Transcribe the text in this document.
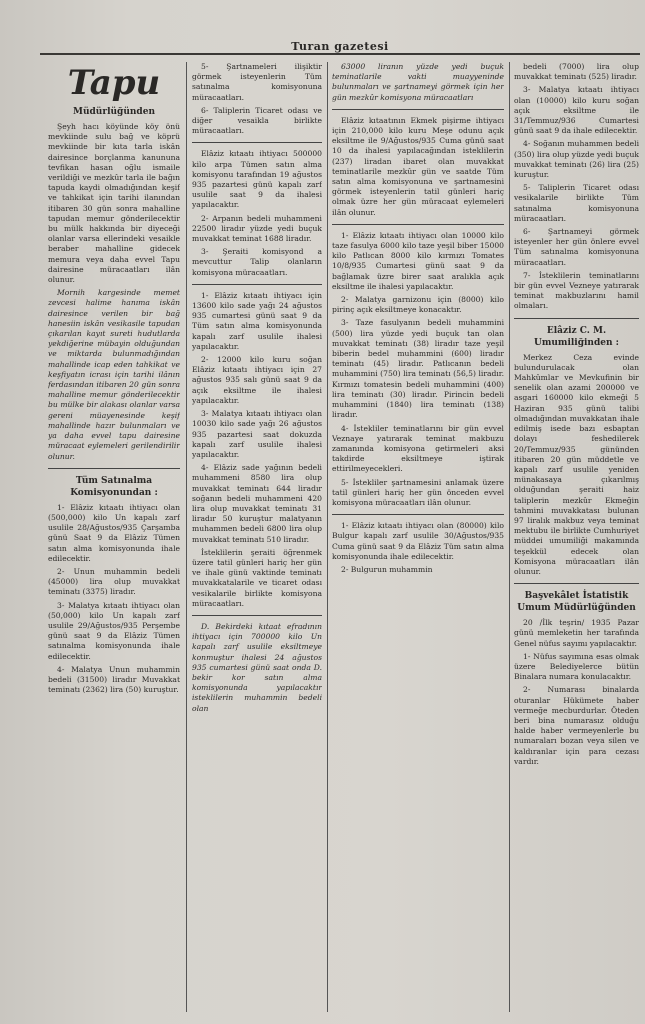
Turan gazetesi
Tapu
Müdürlüğünden

Şeyh hacı köyünde köy önü mevkiinde sulu bağ ve köprü mevkiinde bir kıta tarla iskân dairesince borçlanma kanununa tevfikan hasan oğlu ismaile verildiği ve mezkûr tarla ile bağın tapuda kaydi olmadığından keşif ve tahkikat için tarihi ilanından itibaren 30 gün sonra mahalline tapudan memur gönderilecektir bu mülk hakkında bir diyeceği olanlar varsa ellerindeki vesaikle beraber mahalline gidecek memura veya daha evvel Tapu dairesine müracaatları ilân olunur.

Mornih kargesinde memet zevcesi halime hanıma iskân dairesince verilen bir bağ hanesiin iskân vesikasile tapudan çıkarılan kayıt sureti hudutlarda yekdiğerine mübayin olduğundan ve miktarda bulunmadığından mahallinde icap eden tahkikat ve keşfiyatın icrası için tarihi ilânın ferdasından itibaren 20 gün sonra mahalline memur gönderilecektir bu mülke bir alakası olanlar varsa gereni müayenesinde keşif mahallinde hazır bulunmaları ve ya daha evvel tapu dairesine müracaat eylemeleri gerilendirilir olunur.

Tüm Satınalma
Komisyonundan :

1- Elâziz kıtaatı ihtiyacı olan (500,000) kilo Un kapalı zarf usulile 28/Ağustos/935 Çarşamba günü Saat 9 da Elâziz Tümen satın alma komisyonunda ihale edilecektir.

2- Unun muhammin bedeli (45000) lira olup muvakkat teminatı (3375) liradır.

3- Malatya kıtaatı ihtiyacı olan (50,000) kilo Un kapalı zarf usulile 29/Ağustos/935 Perşembe günü saat 9 da Elâziz Tümen satınalma komisyonunda ihale edilecektir.

4- Malatya Unun muhammin bedeli (31500) liradır Muvakkat teminatı (2362) lira (50) kuruştur.

5- Şartnameleri ilişiktir görmek isteyenlerin Tüm satınalma komisyonuna müracaatları.

6- Taliplerin Ticaret odası ve diğer vesaikla birlikte müracaatları.

Elâziz kıtaatı ihtiyacı 500000 kilo arpa Tümen satın alma komisyonu tarafından 19 ağustos 935 pazartesi günü kapalı zarf usulile saat 9 da ihalesi yapılacaktır.

2- Arpanın bedeli muhammeni 22500 liradır yüzde yedi buçuk muvakkat teminat 1688 liradır.

3- Şeraiti komisyond a mevcuttur Talip olanların komisyona müracaatları.

1- Elâziz kıtaatı ihtiyacı için 13600 kilo sade yağı 24 ağustos 935 cumartesi günü saat 9 da Tüm satın alma komisyonunda kapalı zarf usulile ihalesi yapılacaktır.

2- 12000 kilo kuru soğan Elâziz kıtaatı ihtiyacı için 27 ağustos 935 salı günü saat 9 da açık eksiltme ile ihalesi yapılacaktır.

3- Malatya kıtaatı ihtiyacı olan 10030 kilo sade yağı 26 ağustos 935 pazartesi saat dokuzda kapalı zarf usulile ihalesi yapılacaktır.

4- Elâziz sade yağının bedeli muhammeni 8580 lira olup muvakkat teminatı 644 liradır soğanın bedeli muhammeni 420 lira olup muvakkat teminatı 31 liradır 50 kuruştur malatyanın muhammen bedeli 6800 lira olup muvakkat teminatı 510 liradır.

İsteklilerin şeraiti öğrenmek üzere tatil günleri hariç her gün ve ihale günü vaktinde teminatı muvakkatalarile ve ticaret odası vesikalarile birlikte komisyona müracaatları.

D. Bekirdeki kıtaat efradının ihtiyacı için 700000 kilo Un kapalı zarf usulile eksiltmeye konmuştur ihalesi 24 ağustos 935 cumartesi günü saat onda D. bekir kor satın alma komisyonunda yapılacaktır isteklilerin muhammin bedeli olan

63000 liranın yüzde yedi buçuk teminatlarile vakti muayyeninde bulunmaları ve şartnameyi görmek için her gün mezkûr komisyona müracaatları

Elâziz kıtaatının Ekmek pişirme ihtiyacı için 210,000 kilo kuru Meşe odunu açık eksiltme ile 9/Ağustos/935 Cuma günü saat 10 da ihalesi yapılacağından isteklilerin (237) liradan ibaret olan muvakkat teminatlarile mezkûr gün ve saatde Tüm satın alma komisyonuna ve şartnamesini görmek isteyenlerin tatil günleri hariç olmak üzre her gün müracaat eylemeleri ilân olunur.

1- Elâziz kıtaatı ihtiyacı olan 10000 kilo taze fasulya 6000 kilo taze yeşil biber 15000 kilo Patlıcan 8000 kilo kırmızı Tomates 10/8/935 Cumartesi günü saat 9 da bağlamak üzre birer saat aralıkla açık eksiltme ile ihalesi yapılacaktır.

2- Malatya garnizonu için (8000) kilo pirinç açık eksiltmeye konacaktır.

3- Taze fasulyanın bedeli muhammini (500) lira yüzde yedi buçuk tan olan muvakkat teminatı (38) liradır taze yeşil biberin bedel muhammini (600) liradır teminatı (45) liradır. Patlıcanın bedeli muhammini (750) lira teminatı (56,5) liradır. Kırmızı tomatesin bedeli muhammini (400) lira teminatı (30) liradır. Pirincin bedeli muhammini (1840) lira teminatı (138) liradır.

4- İstekliler teminatlarını bir gün evvel Veznaye yatırarak teminat makbuzu zamanında komisyona getirmeleri aksi takdirde eksiltmeye iştirak ettirilmeyecekleri.

5- İstekliler şartnamesini anlamak üzere tatil günleri hariç her gün önceden evvel komisyona müracaatları ilân olunur.

1- Elâziz kıtaatı ihtiyacı olan (80000) kilo Bulgur kapalı zarf usulile 30/Ağustos/935 Cuma günü saat 9 da Elâziz Tüm satın alma komisyonunda ihale edilecektir.

2- Bulgurun muhammin

bedeli (7000) lira olup muvakkat teminatı (525) liradır.

3- Malatya kıtaatı ihtiyacı olan (10000) kilo kuru soğan açık eksiltme ile 31/Temmuz/936 Cumartesi günü saat 9 da ihale edilecektir.

4- Soğanın muhammen bedeli (350) lira olup yüzde yedi buçuk muvakkat teminatı (26) lira (25) kuruştur.

5- Taliplerin Ticaret odası vesikalarile birlikte Tüm satınalma komisyonuna müracaatları.

6- Şartnameyi görmek isteyenler her gün önlere evvel Tüm satınalma komisyonuna müracaatları.

7- İsteklilerin teminatlarını bir gün evvel Vezneye yatırarak teminat makbuzlarını hamil olmaları.

Elâziz C. M. Umumiliğinden :

Merkez Ceza evinde bulundurulacak olan Mahkûmlar ve Mevkufinin bir senelik olan azami 200000 ve asgari 160000 kilo ekmeği 5 Haziran 935 günü talibi olmadığından muvakkatan ihale edilmiş isede bazı esbaptan dolayı feshedilerek 20/Temmuz/935 gününden itibaren 20 gün müddetle ve kapalı zarf usulile yeniden münakasaya çıkarılmış olduğundan şeraiti haiz taliplerin mezkûr Ekmeğin tahmini muvakkatası bulunan 97 liralık makbuz veya teminat mektubu ile birlikte Cumhuriyet müddei umumiliği makamında teşekkül edecek olan Komisyona müracaatları ilân olunur.

Başvekâlet İstatistik
Umum Müdürlüğünden

20 /İlk teşrin/ 1935 Pazar günü memleketin her tarafında Genel nüfus sayımı yapılacaktır.

1- Nüfus sayımına esas olmak üzere Belediyelerce bütün Binalara numara konulacaktır.

2- Numarası binalarda oturanlar Hükümete haber vermeğe mecburdurlar. Öteden beri bina numarasız olduğu halde haber vermeyenlerle bu numaraları bozan veya silen ve kaldıranlar için para cezası vardır.
